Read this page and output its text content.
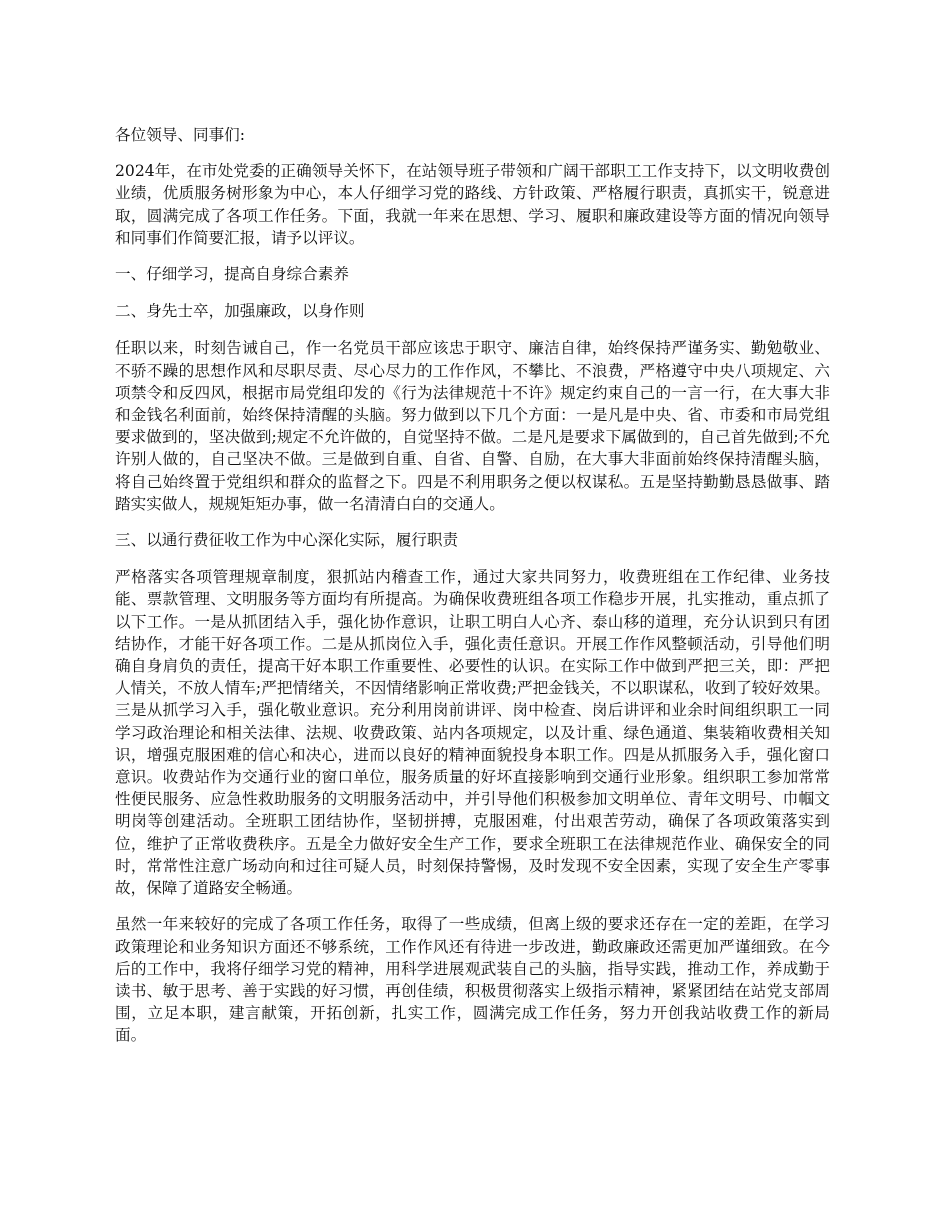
各位领导、同事们:

2024年，在市处党委的正确领导关怀下，在站领导班子带领和广阔干部职工工作支持下，以文明收费创业绩，优质服务树形象为中心，本人仔细学习党的路线、方针政策、严格履行职责，真抓实干，锐意进取，圆满完成了各项工作任务。下面，我就一年来在思想、学习、履职和廉政建设等方面的情况向领导和同事们作简要汇报，请予以评议。

一、仔细学习，提高自身综合素养

二、身先士卒，加强廉政，以身作则

任职以来，时刻告诫自己，作一名党员干部应该忠于职守、廉洁自律，始终保持严谨务实、勤勉敬业、不骄不躁的思想作风和尽职尽责、尽心尽力的工作作风，不攀比、不浪费，严格遵守中央八项规定、六项禁令和反四风，根据市局党组印发的《行为法律规范十不许》规定约束自己的一言一行，在大事大非和金钱名利面前，始终保持清醒的头脑。努力做到以下几个方面：一是凡是中央、省、市委和市局党组要求做到的，坚决做到;规定不允许做的，自觉坚持不做。二是凡是要求下属做到的，自己首先做到;不允许别人做的，自己坚决不做。三是做到自重、自省、自警、自励，在大事大非面前始终保持清醒头脑，将自己始终置于党组织和群众的监督之下。四是不利用职务之便以权谋私。五是坚持勤勤恳恳做事、踏踏实实做人，规规矩矩办事，做一名清清白白的交通人。

三、以通行费征收工作为中心深化实际，履行职责

严格落实各项管理规章制度，狠抓站内稽查工作，通过大家共同努力，收费班组在工作纪律、业务技能、票款管理、文明服务等方面均有所提高。为确保收费班组各项工作稳步开展，扎实推动，重点抓了以下工作。一是从抓团结入手，强化协作意识，让职工明白人心齐、泰山移的道理，充分认识到只有团结协作，才能干好各项工作。二是从抓岗位入手，强化责任意识。开展工作作风整顿活动，引导他们明确自身肩负的责任，提高干好本职工作重要性、必要性的认识。在实际工作中做到严把三关，即：严把人情关，不放人情车;严把情绪关，不因情绪影响正常收费;严把金钱关，不以职谋私，收到了较好效果。三是从抓学习入手，强化敬业意识。充分利用岗前讲评、岗中检查、岗后讲评和业余时间组织职工一同学习政治理论和相关法律、法规、收费政策、站内各项规定，以及计重、绿色通道、集装箱收费相关知识，增强克服困难的信心和决心，进而以良好的精神面貌投身本职工作。四是从抓服务入手，强化窗口意识。收费站作为交通行业的窗口单位，服务质量的好坏直接影响到交通行业形象。组织职工参加常常性便民服务、应急性救助服务的文明服务活动中，并引导他们积极参加文明单位、青年文明号、巾帼文明岗等创建活动。全班职工团结协作，坚韧拼搏，克服困难，付出艰苦劳动，确保了各项政策落实到位，维护了正常收费秩序。五是全力做好安全生产工作，要求全班职工在法律规范作业、确保安全的同时，常常性注意广场动向和过往可疑人员，时刻保持警惕，及时发现不安全因素，实现了安全生产零事故，保障了道路安全畅通。

虽然一年来较好的完成了各项工作任务，取得了一些成绩，但离上级的要求还存在一定的差距，在学习政策理论和业务知识方面还不够系统，工作作风还有待进一步改进，勤政廉政还需更加严谨细致。在今后的工作中，我将仔细学习党的精神，用科学进展观武装自己的头脑，指导实践，推动工作，养成勤于读书、敏于思考、善于实践的好习惯，再创佳绩，积极贯彻落实上级指示精神，紧紧团结在站党支部周围，立足本职，建言献策，开拓创新，扎实工作，圆满完成工作任务，努力开创我站收费工作的新局面。
